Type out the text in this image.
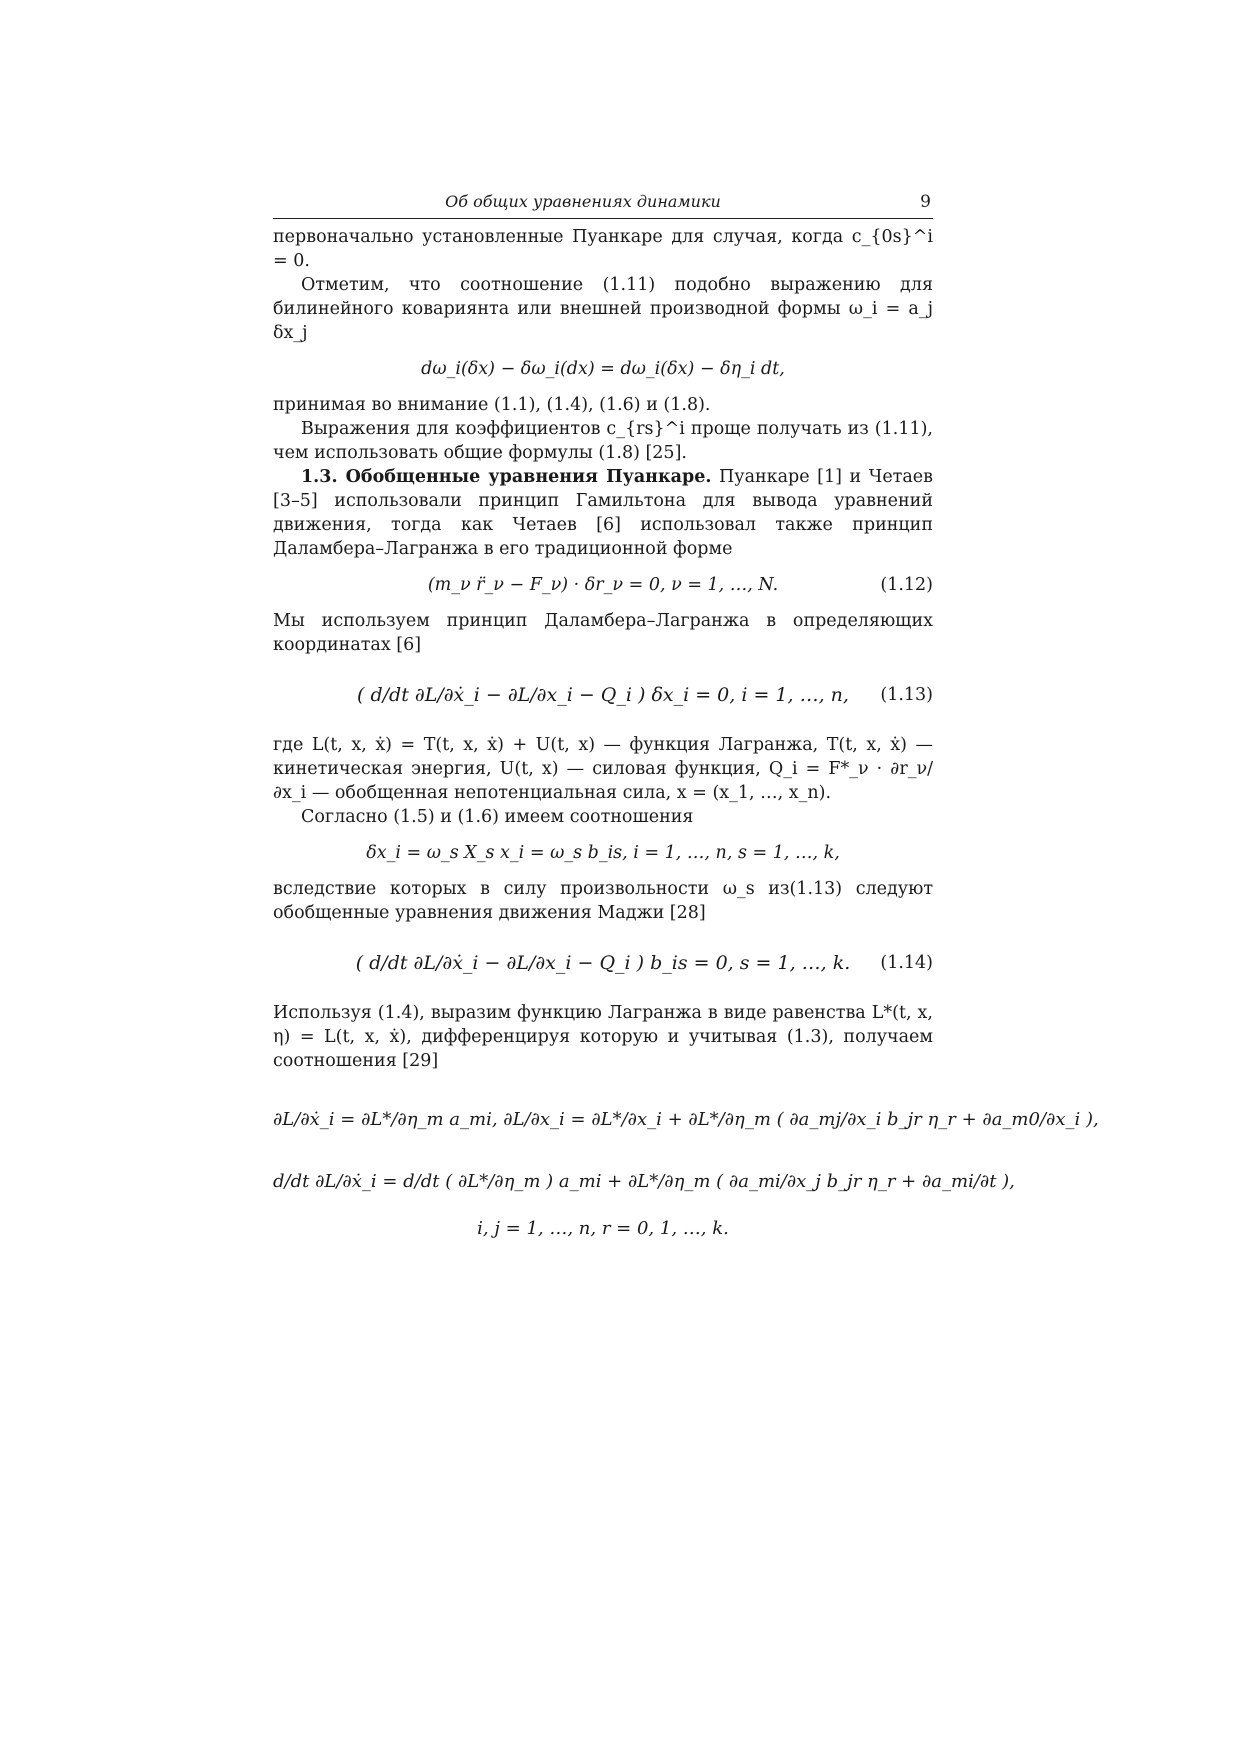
Об общих уравнениях динамики	9

первоначально установленные Пуанкаре для случая, когда c_{0s}^i = 0.

Отметим, что соотношение (1.11) подобно выражению для билинейного ковариянта или внешней производной формы ω_i = a_j δx_j

dω_i(δx) − δω_i(dx) = dω_i(δx) − δη_i dt,

принимая во внимание (1.1), (1.4), (1.6) и (1.8).

Выражения для коэффициентов c_{rs}^i проще получать из (1.11), чем использовать общие формулы (1.8) [25].

1.3. Обобщенные уравнения Пуанкаре. Пуанкаре [1] и Четаев [3–5] использовали принцип Гамильтона для вывода уравнений движения, тогда как Четаев [6] использовал также принцип Даламбера–Лагранжа в его традиционной форме

(m_ν r̈_ν − F_ν) · δr_ν = 0, ν = 1, …, N.	(1.12)

Мы используем принцип Даламбера–Лагранжа в определяющих координатах [6]

( d/dt ∂L/∂ẋ_i − ∂L/∂x_i − Q_i ) δx_i = 0, i = 1, …, n, (1.13)

где L(t, x, ẋ) = T(t, x, ẋ) + U(t, x) — функция Лагранжа, T(t, x, ẋ) — кинетическая энергия, U(t, x) — силовая функция, Q_i = F*_ν · ∂r_ν/∂x_i — обобщенная непотенциальная сила, x = (x_1, …, x_n).

Согласно (1.5) и (1.6) имеем соотношения

δx_i = ω_s X_s x_i = ω_s b_is, i = 1, …, n, s = 1, …, k,

вследствие которых в силу произвольности ω_s из(1.13) следуют обобщенные уравнения движения Маджи [28]

( d/dt ∂L/∂ẋ_i − ∂L/∂x_i − Q_i ) b_is = 0, s = 1, …, k. (1.14)

Используя (1.4), выразим функцию Лагранжа в виде равенства L*(t, x, η) = L(t, x, ẋ), дифференцируя которую и учитывая (1.3), получаем соотношения [29]

∂L/∂ẋ_i = ∂L*/∂η_m a_mi, ∂L/∂x_i = ∂L*/∂x_i + ∂L*/∂η_m ( ∂a_mj/∂x_i b_jr η_r + ∂a_m0/∂x_i ),
d/dt ∂L/∂ẋ_i = d/dt ( ∂L*/∂η_m ) a_mi + ∂L*/∂η_m ( ∂a_mi/∂x_j b_jr η_r + ∂a_mi/∂t ),
i, j = 1, …, n, r = 0, 1, …, k.
